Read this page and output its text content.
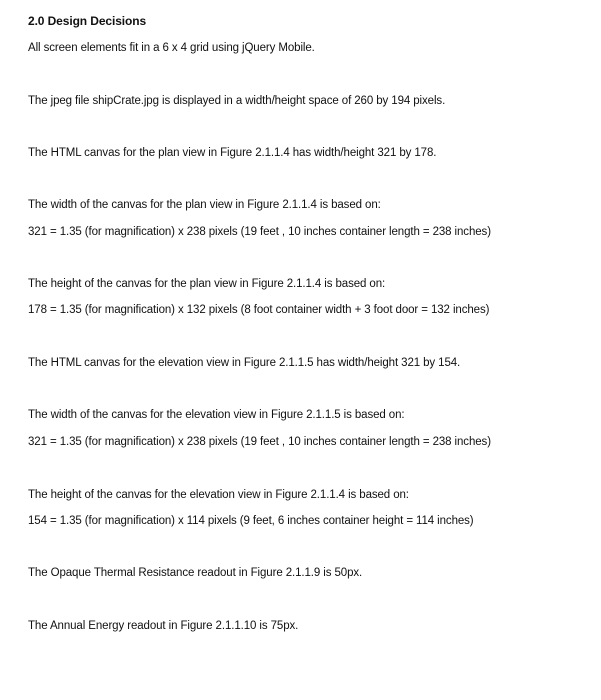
2.0 Design Decisions
All screen elements fit in a 6 x 4 grid using jQuery Mobile.
The jpeg file shipCrate.jpg is displayed in a width/height space of 260 by 194 pixels.
The HTML canvas for the plan view in Figure 2.1.1.4 has width/height 321 by 178.
The width of the canvas for the plan view in Figure 2.1.1.4 is based on:
321 = 1.35 (for magnification) x 238 pixels (19 feet , 10 inches container length = 238 inches)
The height of the canvas for the plan view in Figure 2.1.1.4 is based on:
178 = 1.35 (for magnification) x 132 pixels (8 foot container width + 3 foot door = 132 inches)
The HTML canvas for the elevation view in Figure 2.1.1.5 has width/height 321 by 154.
The width of the canvas for the elevation view in Figure 2.1.1.5 is based on:
321 = 1.35 (for magnification) x 238 pixels (19 feet , 10 inches container length = 238 inches)
The height of the canvas for the elevation view in Figure 2.1.1.4 is based on:
154 = 1.35 (for magnification) x 114 pixels (9 feet, 6 inches container height = 114 inches)
The Opaque Thermal Resistance readout in Figure 2.1.1.9 is 50px.
The Annual Energy readout in Figure 2.1.1.10 is 75px.
